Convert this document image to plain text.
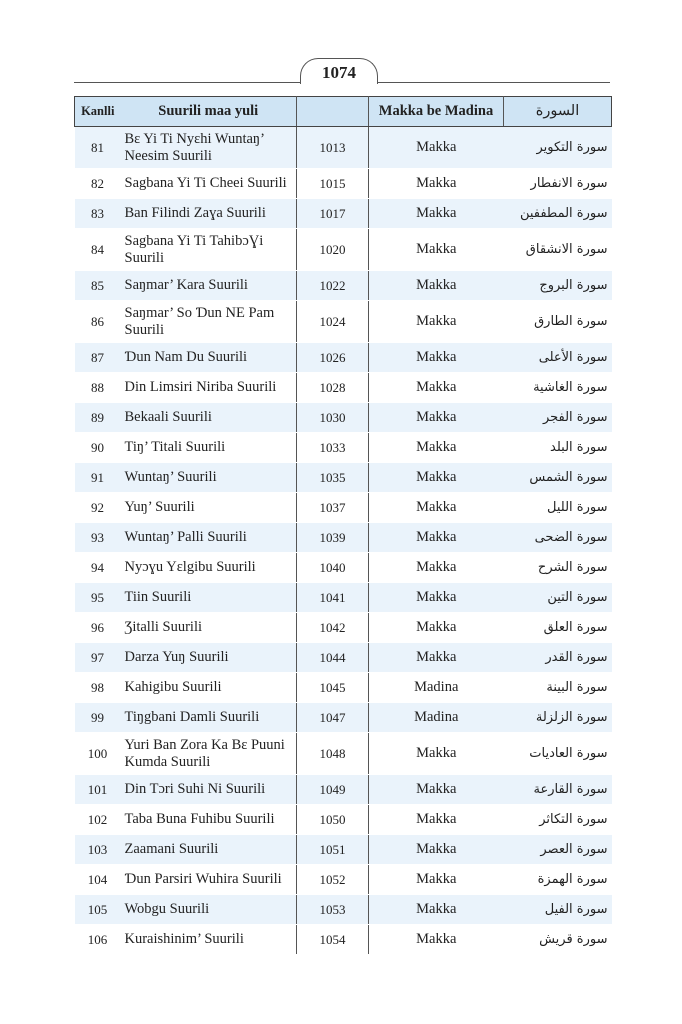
1074
Kanlli	Suurili maa yuli		Makka be Madina	السورة
81	Bɛ Yi Ti Nyɛhi Wuntaŋ’ Neesim Suurili	1013	Makka	سورة التكوير
82	Sagbana Yi Ti Cheei Suurili	1015	Makka	سورة الانفطار
83	Ban Filindi Zaɣa Suurili	1017	Makka	سورة المطففين
84	Sagbana Yi Ti TahibɔƔi Suurili	1020	Makka	سورة الانشقاق
85	Saŋmar’ Kara Suurili	1022	Makka	سورة البروج
86	Saŋmar’ So Ɗun NE Pam Suurili	1024	Makka	سورة الطارق
87	Ɗun Nam Du Suurili	1026	Makka	سورة الأعلى
88	Din Limsiri Niriba Suurili	1028	Makka	سورة الغاشية
89	Bekaali Suurili	1030	Makka	سورة الفجر
90	Tiŋ’ Titali Suurili	1033	Makka	سورة البلد
91	Wuntaŋ’ Suurili	1035	Makka	سورة الشمس
92	Yuŋ’ Suurili	1037	Makka	سورة الليل
93	Wuntaŋ’ Palli Suurili	1039	Makka	سورة الضحى
94	Nyɔɣu Yɛlgibu Suurili	1040	Makka	سورة الشرح
95	Tiin Suurili	1041	Makka	سورة التين
96	Ʒitalli Suurili	1042	Makka	سورة العلق
97	Darza Yuŋ Suurili	1044	Makka	سورة القدر
98	Kahigibu Suurili	1045	Madina	سورة البينة
99	Tiŋgbani Damli Suurili	1047	Madina	سورة الزلزلة
100	Yuri Ban Zora Ka Bɛ Puuni Kumda Suurili	1048	Makka	سورة العاديات
101	Din Tɔri Suhi Ni Suurili	1049	Makka	سورة القارعة
102	Taba Buna Fuhibu Suurili	1050	Makka	سورة التكاثر
103	Zaamani Suurili	1051	Makka	سورة العصر
104	Ɗun Parsiri Wuhira Suurili	1052	Makka	سورة الهمزة
105	Wobgu Suurili	1053	Makka	سورة الفيل
106	Kuraishinim’ Suurili	1054	Makka	سورة قريش
